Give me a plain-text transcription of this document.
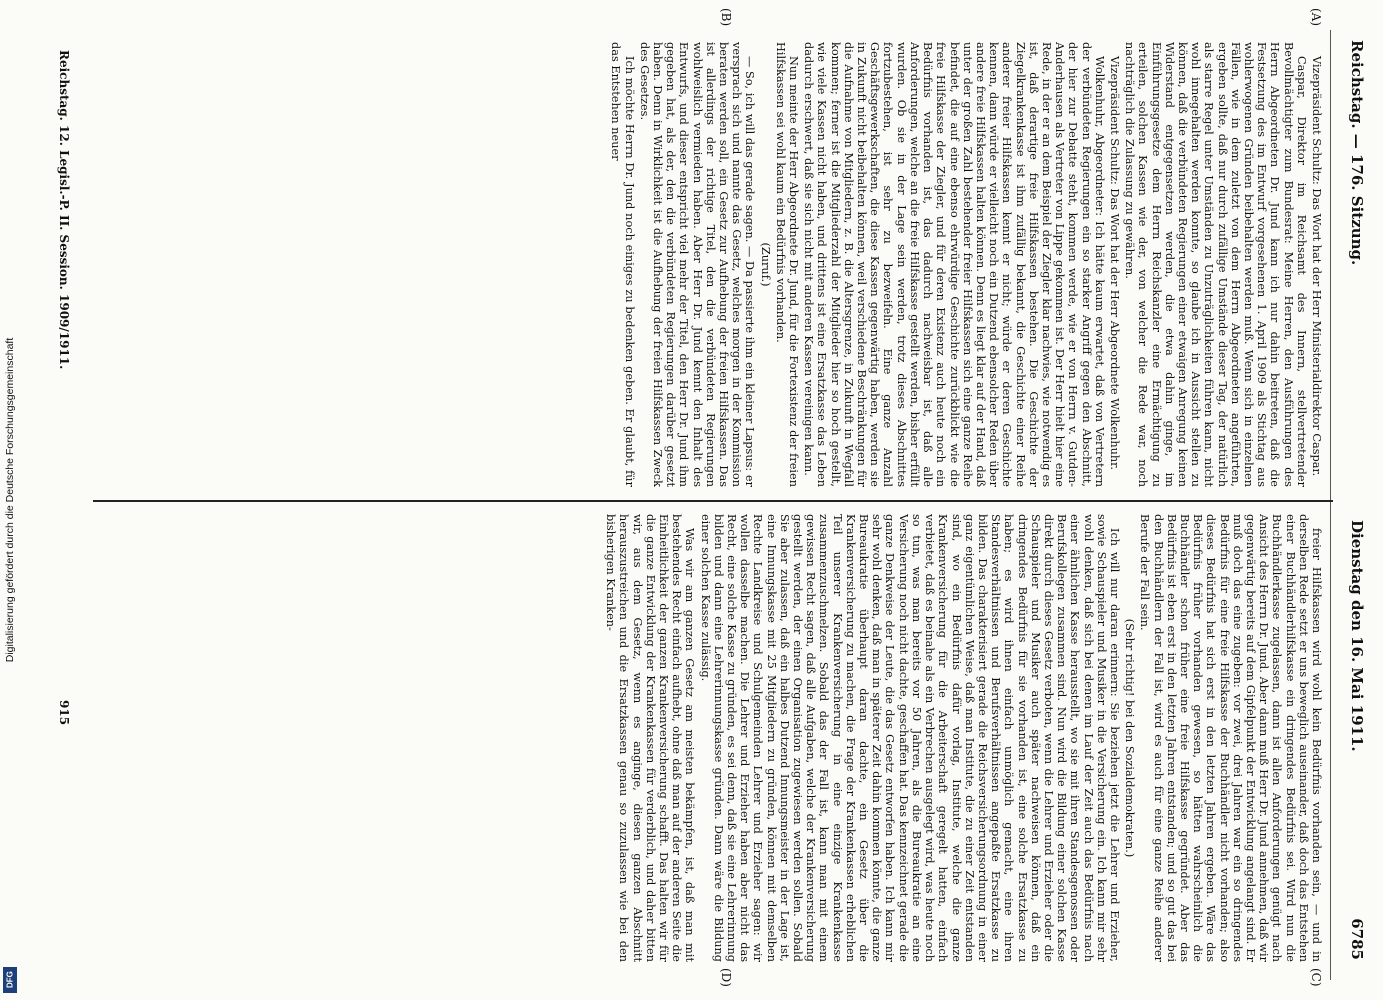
Reichstag. — 176. Sitzung.
Dienstag den 16. Mai 1911.
6785
(A)
(B)
(C)
(D)

Vizepräsident Schultz: Das Wort hat der Herr Ministerialdirektor Caspar.

Caspar, Direktor im Reichsamt des Innern, stellvertretender Bevollmächtigter zum Bundesrat: Meine Herren, den Ausführungen des Herrn Abgeordneten Dr. Jund kann ich nur dahin beitreten, daß die Festsetzung des im Entwurf vorgesehenen 1. April 1909 als Stichtag aus wohlerwogenen Gründen beibehalten werden muß. Wenn sich in einzelnen Fällen, wie in dem zuletzt von dem Herrn Abgeordneten angeführten, ergeben sollte, daß nur durch zufällige Umstände dieser Tag, der natürlich als starre Regel unter Umständen zu Unzuträglichkeiten führen kann, nicht wohl innegehalten werden konnte, so glaube ich in Aussicht stellen zu können, daß die verbündeten Regierungen einer etwaigen Anregung keinen Widerstand entgegensetzen werden, die etwa dahin ginge, im Einführungsgesetze dem Herrn Reichskanzler eine Ermächtigung zu erteilen, solchen Kassen wie der, von welcher die Rede war, noch nachträglich die Zulassung zu gewähren.

Vizepräsident Schultz: Das Wort hat der Herr Abgeordnete Wolkenhuhr.

Wolkenhuhr, Abgeordneter: Ich hätte kaum erwartet, daß von Vertretern der verbündeten Regierungen ein so starker Angriff gegen den Abschnitt, der hier zur Debatte steht, kommen werde, wie er von Herrn v. Gutden-Anderhausen als Vertreter von Lippe gekommen ist. Der Herr hielt hier eine Rede, in der er an dem Beispiel der Ziegler klar nachwies, wie notwendig es ist, daß derartige freie Hilfskassen bestehen. Die Geschichte der Ziegelkrankenkasse ist ihm zufällig bekannt, die Geschichte einer Reihe anderer freier Hilfskassen kennt er nicht; würde er deren Geschichte kennen, dann würde er vielleicht noch ein Dutzend ebensolcher Reden über andere freie Hilfskassen halten können. Denn es liegt klar auf der Hand, daß unter der großen Zahl bestehender freier Hilfskassen sich eine ganze Reihe befindet, die auf eine ebenso ehrwürdige Geschichte zurückblickt wie die freie Hilfskasse der Ziegler, und für deren Existenz auch heute noch ein Bedürfnis vorhanden ist, das dadurch nachweisbar ist, daß alle Anforderungen, welche an die freie Hilfskasse gestellt werden, bisher erfüllt wurden. Ob sie in der Lage sein werden, trotz dieses Abschnittes fortzubestehen, ist sehr zu bezweifeln. Eine ganze Anzahl Geschäftsgewerkschaften, die diese Kassen gegenwärtig haben, werden sie in Zukunft nicht beibehalten können, weil verschiedene Beschränkungen für die Aufnahme von Mitgliedern, z. B. die Altersgrenze, in Zukunft in Wegfall kommen; ferner ist die Mitgliederzahl der Mitglieder hier so hoch gestellt, wie viele Kassen nicht haben, und drittens ist eine Ersatzkasse das Leben dadurch erschwert, daß sie sich nicht mit anderen Kassen vereinigen kann.

Nun meinte der Herr Abgeordnete Dr. Jund, für die Fortexistenz der freien Hilfskassen sei wohl kaum ein Bedürfnis vorhanden.

(Zuruf.)

— So, ich will das gerade sagen. — Da passierte ihm ein kleiner Lapsus: er versprach sich und nannte das Gesetz, welches morgen in der Kommission beraten werden soll, ein Gesetz zur Aufhebung der freien Hilfskassen. Das ist allerdings der richtige Titel, den die verbündeten Regierungen wohlweislich vermieden haben. Aber Herr Dr. Jund kennt den Inhalt des Entwurfs, und dieser entspricht viel mehr der Titel, den Herr Dr. Jund ihm gegeben hat, als der, den die verbündeten Regierungen darüber gesetzt haben. Denn in Wirklichkeit ist die Aufhebung der freien Hilfskassen Zweck des Gesetzes.

Ich möchte Herrn Dr. Jund noch einiges zu bedenken geben. Er glaubt, für das Entstehen neuer

freier Hilfskassen wird wohl kein Bedürfnis vorhanden sein, — und in derselben Rede setzt er uns beweglich auseinander, daß doch das Entstehen einer Buchhändlerhilfskasse ein dringendes Bedürfnis sei. Wird nun die Buchhändlerkasse zugelassen, dann ist allen Anforderungen genügt nach Ansicht des Herrn Dr. Jund. Aber dann muß Herr Dr. Jund annehmen, daß wir gegenwärtig bereits auf dem Gipfelpunkt der Entwicklung angelangt sind. Er muß doch das eine zugeben: vor zwei, drei Jahren war ein so dringendes Bedürfnis für eine freie Hilfskasse der Buchhändler nicht vorhanden; also dieses Bedürfnis hat sich erst in den letzten Jahren ergeben. Wäre das Bedürfnis früher vorhanden gewesen, so hätten wahrscheinlich die Buchhändler schon früher eine freie Hilfskasse gegründet. Aber das Bedürfnis ist eben erst in den letzten Jahren entstanden; und so gut das bei den Buchhändlern der Fall ist, wird es auch für eine ganze Reihe anderer Berufe der Fall sein.

(Sehr richtig! bei den Sozialdemokraten.)

Ich will nur daran erinnern: Sie beziehen jetzt die Lehrer und Erzieher, sowie Schauspieler und Musiker in die Versicherung ein. Ich kann mir sehr wohl denken, daß sich bei denen im Lauf der Zeit auch das Bedürfnis nach einer ähnlichen Kasse herausstellt, wo sie mit ihren Standesgenossen oder Berufskollegen zusammen sind. Nun wird die Bildung einer solchen Kasse direkt durch dieses Gesetz verboten, wenn die Lehrer und Erzieher oder die Schauspieler und Musiker auch später nachweisen können, daß ein dringendes Bedürfnis für sie vorhanden ist, eine solche Ersatzkasse zu haben; es wird ihnen einfach unmöglich gemacht, eine ihren Standesverhältnissen und Berufsverhältnissen angepaßte Ersatzkasse zu bilden. Das charakterisiert gerade die Reichsversicherungsordnung in einer ganz eigentümlichen Weise, daß man Institute, die zu einer Zeit entstanden sind, wo ein Bedürfnis dafür vorlag, Institute, welche die ganze Krankenversicherung für die Arbeiterschaft geregelt hatten, einfach verbietet, daß es beinahe als ein Verbrechen ausgelegt wird, was heute noch so tun, was man bereits vor 50 Jahren, als die Bureaukratie an eine Versicherung noch nicht dachte, geschaffen hat. Das kennzeichnet gerade die ganze Denkweise der Leute, die das Gesetz entworfen haben. Ich kann mir sehr wohl denken, daß man in späterer Zeit dahin kommen könnte, die ganze Bureaukratie überhaupt daran dachte, ein Gesetz über die Krankenversicherung zu machen, die Frage der Krankenkassen erheblichen Teil unserer Krankenversicherung in eine einzige Krankenkasse zusammenzuschmelzen. Sobald das der Fall ist, kann man mit einem gewissen Recht sagen, daß alle Aufgaben, welche der Krankenversicherung gestellt werden, der einen Organisation zugewiesen werden sollen. Sobald Sie aber zulassen, daß ein halbes Dutzend Innungsmeister in der Lage ist, eine Innungskasse mit 25 Mitgliedern zu gründen, können mit demselben Rechte Landkreise und Schulgemeinden Lehrer und Erzieher sagen: wir wollen dasselbe machen. Die Lehrer und Erzieher haben aber nicht das Recht, eine solche Kasse zu gründen, es sei denn, daß sie eine Lehrerinnung bilden und dann eine Lehrerinnungskasse gründen. Dann wäre die Bildung einer solchen Kasse zulässig.

Was wir am ganzen Gesetz am meisten bekämpfen, ist, daß man mit bestehendes Recht einfach aufhebt, ohne daß man auf der anderen Seite die Einheitlichkeit der ganzen Krankenversicherung schafft. Das halten wir für die ganze Entwicklung der Krankenkassen für verderblich, und daher bitten wir, aus dem Gesetz, wenn es anginge, diesen ganzen Abschnitt herauszustreichen und die Ersatzkassen genau so zuzulassen wie bei den bisherigen Kranken-

Reichstag. 12. Legisl.-P. II. Session. 1909/1911.
915
Digitalisierung gefördert durch die Deutsche Forschungsgemeinschaft
DFG
